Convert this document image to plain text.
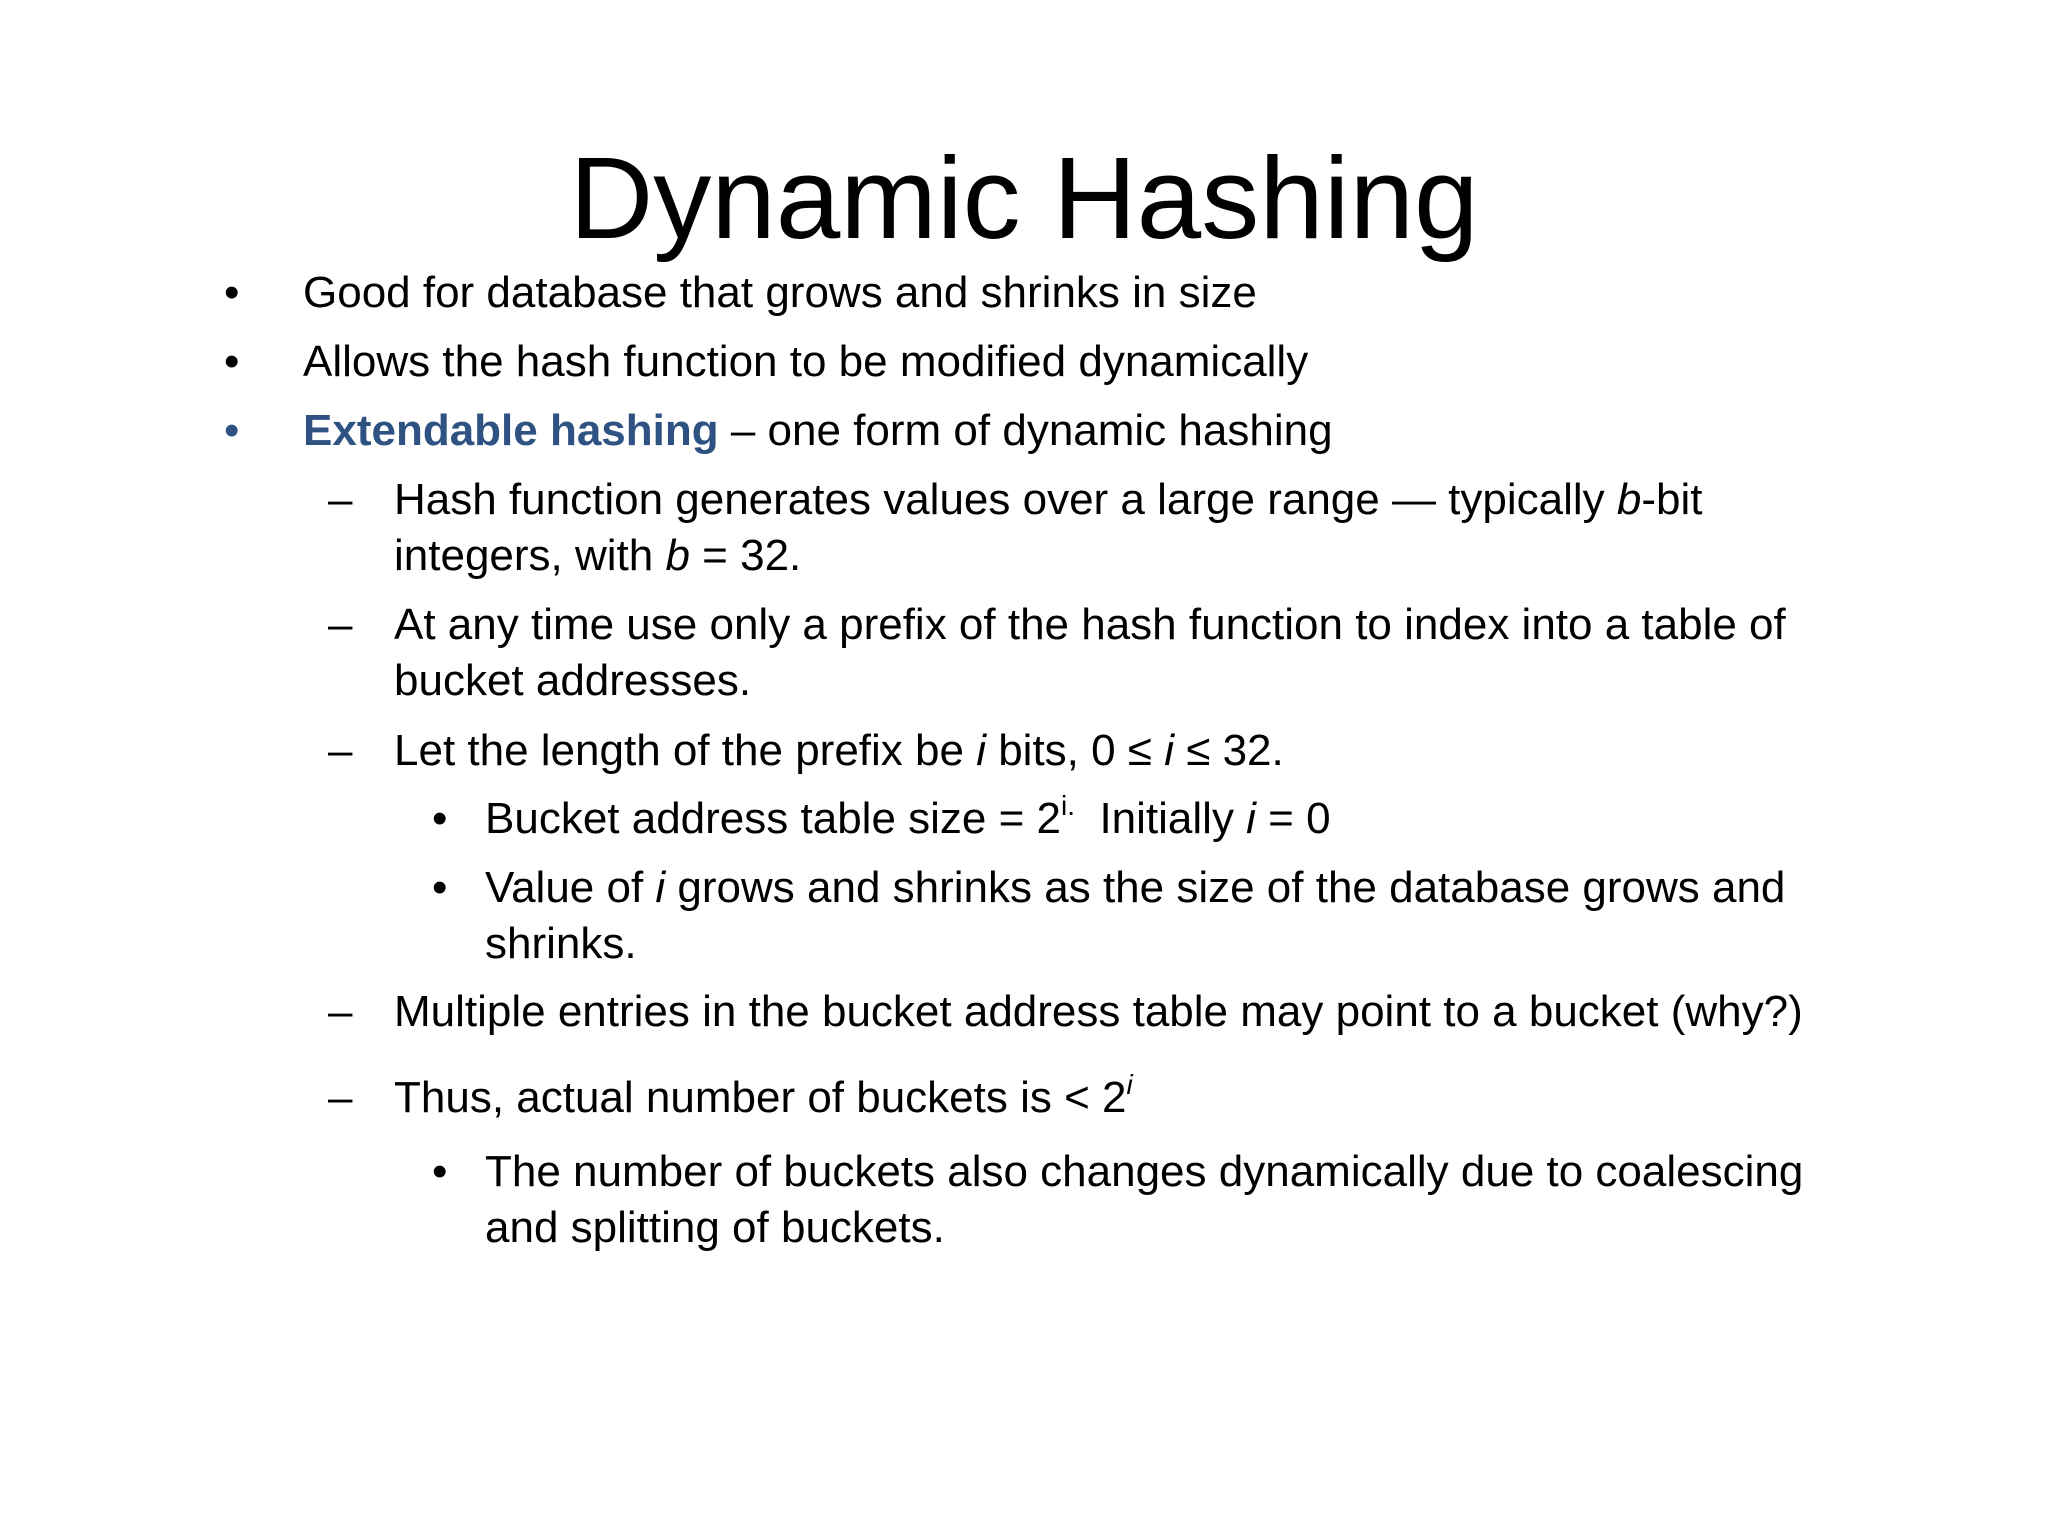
Dynamic Hashing
• Good for database that grows and shrinks in size

• Allows the hash function to be modified dynamically

• Extendable hashing – one form of dynamic hashing

– Hash function generates values over a large range — typically b-bit

integers, with b = 32.

– At any time use only a prefix of the hash function to index into a table of

bucket addresses.

– Let the length of the prefix be i bits, 0 ≤ i ≤ 32.

• Bucket address table size = $2^{i.}$  Initially i = 0

• Value of i grows and shrinks as the size of the database grows and

shrinks.

– Multiple entries in the bucket address table may point to a bucket (why?)

– Thus, actual number of buckets is < $2^i$

• The number of buckets also changes dynamically due to coalescing

and splitting of buckets.
